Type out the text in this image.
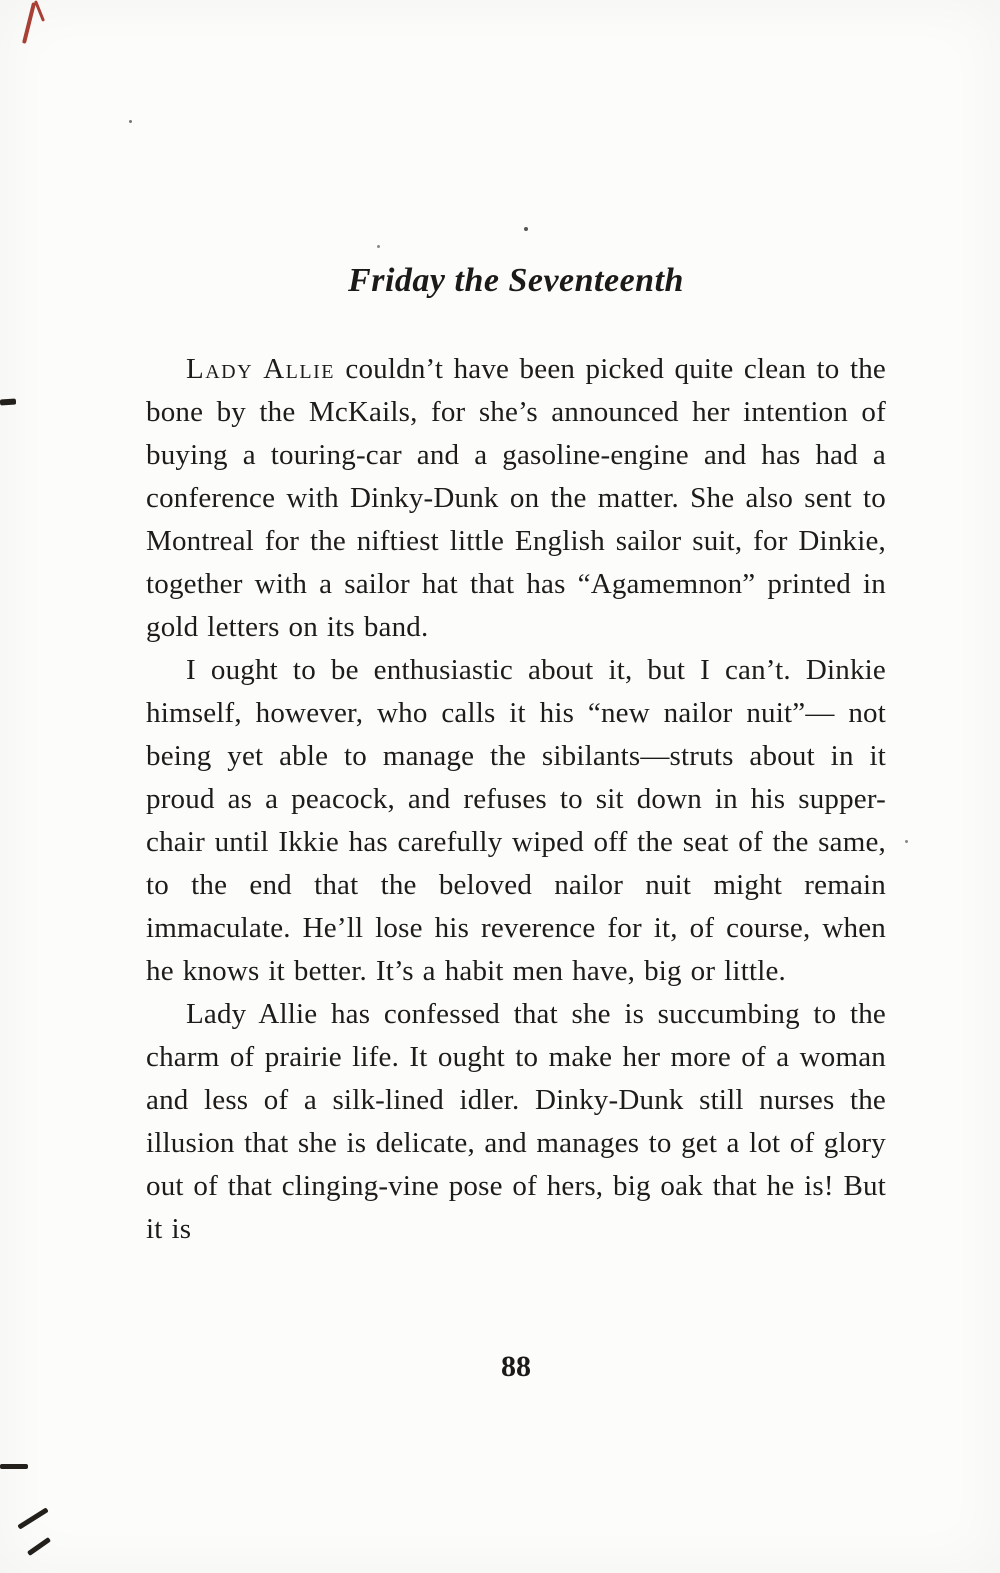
Friday the Seventeenth

Lady Allie couldn’t have been picked quite clean to the bone by the McKails, for she’s announced her intention of buying a touring-car and a gasoline-engine and has had a conference with Dinky-Dunk on the matter. She also sent to Montreal for the niftiest little English sailor suit, for Dinkie, together with a sailor hat that has “Agamemnon” printed in gold letters on its band.

I ought to be enthusiastic about it, but I can’t. Dinkie himself, however, who calls it his “new nailor nuit”— not being yet able to manage the sibilants—struts about in it proud as a peacock, and refuses to sit down in his supper-chair until Ikkie has carefully wiped off the seat of the same, to the end that the beloved nailor nuit might remain immaculate. He’ll lose his reverence for it, of course, when he knows it better. It’s a habit men have, big or little.

Lady Allie has confessed that she is succumbing to the charm of prairie life. It ought to make her more of a woman and less of a silk-lined idler. Dinky-Dunk still nurses the illusion that she is delicate, and manages to get a lot of glory out of that clinging-vine pose of hers, big oak that he is! But it is

88
